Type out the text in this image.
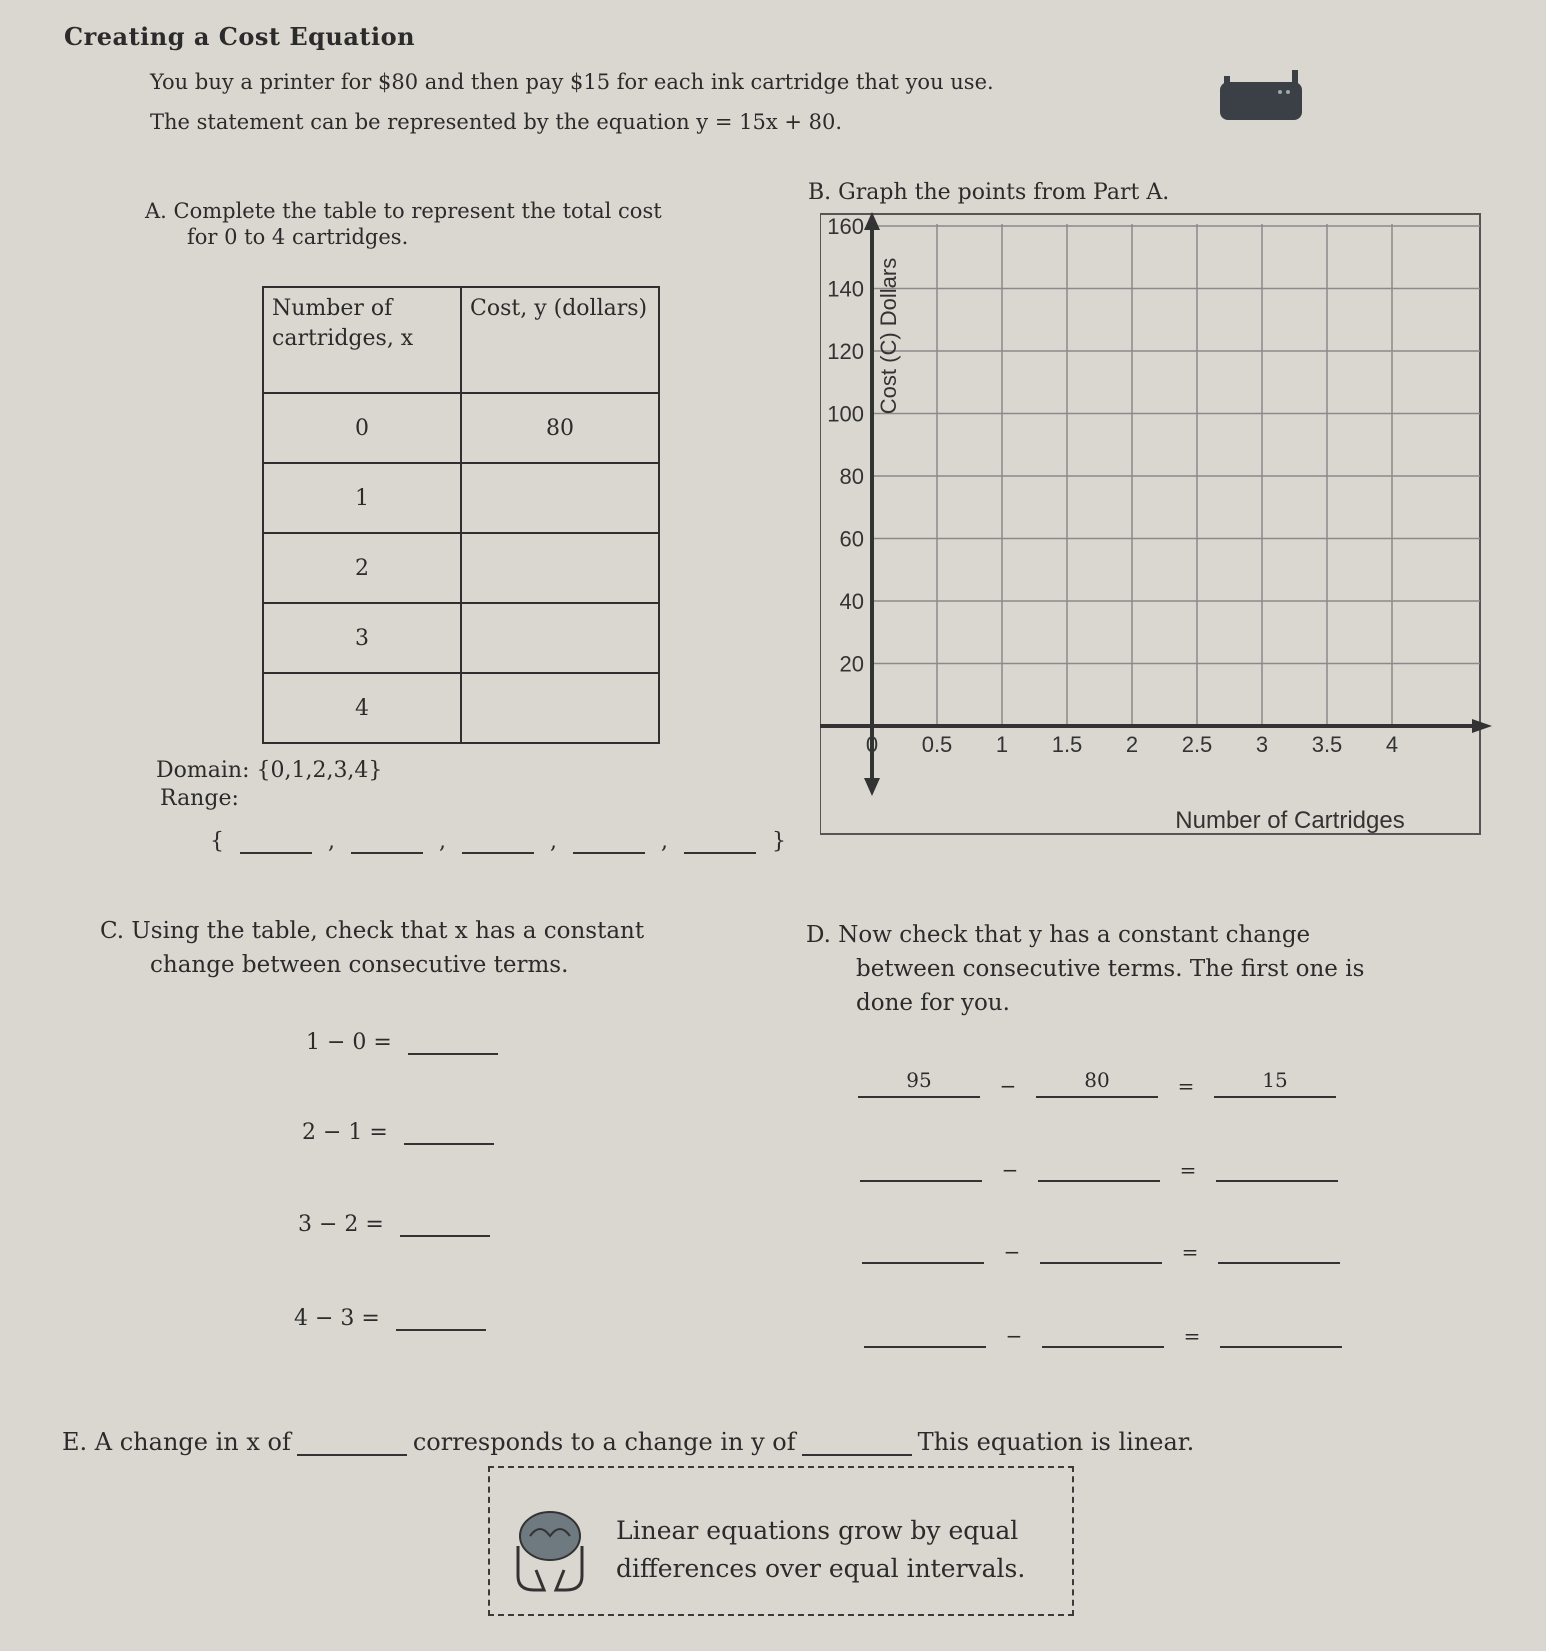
Creating a Cost Equation
You buy a printer for $80 and then pay $15 for each ink cartridge that you use.
The statement can be represented by the equation y = 15x + 80.
A. Complete the table to represent the total cost
for 0 to 4 cartridges.
Number of cartridges, x	Cost, y (dollars)
0	80
1	
2	
3	
4	
Domain: {0,1,2,3,4}
Range:
{	,	,	,	,	}
B. Graph the points from Part A.
20
40
60
80
100
120
140
160
0 0.5 1 1.5 2 2.5 3 3.5 4
Cost (C) Dollars
Number of Cartridges
C. Using the table, check that x has a constant
change between consecutive terms.
1 − 0 =
2 − 1 =
3 − 2 =
4 − 3 =
D. Now check that y has a constant change
between consecutive terms. The first one is
done for you.
95	−	80	=	15
−	=
−	=
−	=
E. A change in x of	corresponds to a change in y of	This equation is linear.
Linear equations grow by equal
differences over equal intervals.
